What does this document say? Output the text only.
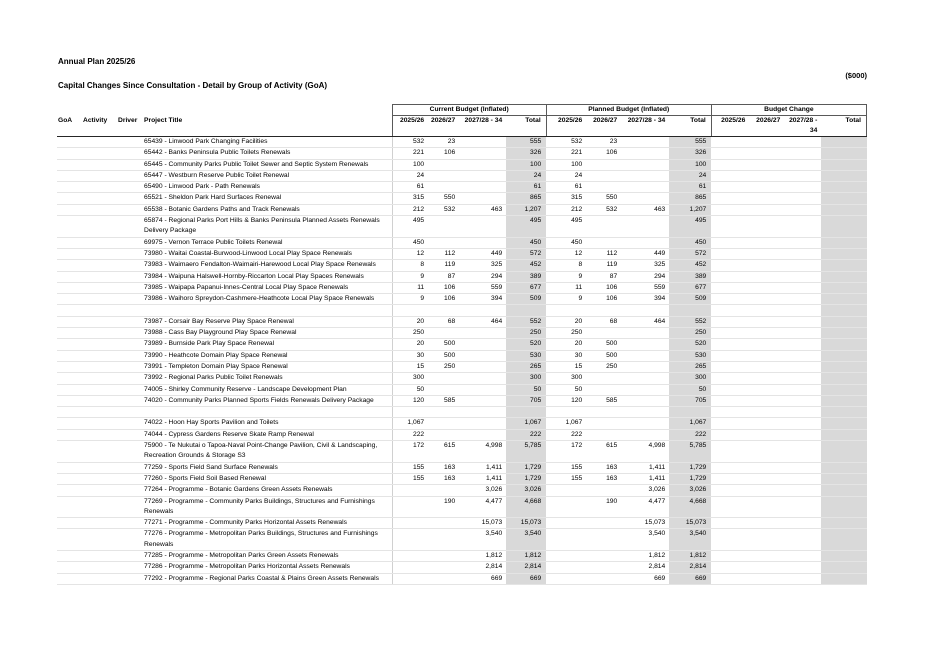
Annual Plan 2025/26
($000)
Capital Changes Since Consultation - Detail by Group of Activity (GoA)
				Current Budget (Inflated)				Planned Budget (Inflated)				Budget Change			
GoA	Activity	Driver	Project Title	2025/26	2026/27	2027/28 - 34	Total	2025/26	2026/27	2027/28 - 34	Total	2025/26	2026/27	2027/28 - 34	Total
			65439 - Linwood Park Changing Facilities	532	23		555	532	23		555				
			65442 - Banks Peninsula Public Toilets Renewals	221	106		326	221	106		326				
			65445 - Community Parks Public Toilet Sewer and Septic System Renewals	100			100	100			100				
			65447 - Westburn Reserve Public Toilet Renewal	24			24	24			24				
			65490 - Linwood Park - Path Renewals	61			61	61			61				
			65521 - Sheldon Park Hard Surfaces Renewal	315	550		865	315	550		865				
			65538 - Botanic Gardens Paths and Track Renewals	212	532	463	1,207	212	532	463	1,207				
			65874 - Regional Parks Port Hills & Banks Peninsula Planned Assets Renewals Delivery Package	495			495	495			495				
			69975 - Vernon Terrace Public Toilets Renewal	450			450	450			450				
			73980 - Waitai Coastal-Burwood-Linwood Local Play Space Renewals	12	112	449	572	12	112	449	572				
			73983 - Waimaero Fendalton-Waimairi-Harewood Local Play Space Renewals	8	119	325	452	8	119	325	452				
			73984 - Waipuna Halswell-Hornby-Riccarton Local Play Spaces Renewals	9	87	294	389	9	87	294	389				
			73985 - Waipapa Papanui-Innes-Central Local Play Space Renewals	11	106	559	677	11	106	559	677				
			73986 - Waihoro Spreydon-Cashmere-Heathcote Local Play Space Renewals	9	106	394	509	9	106	394	509				

			73987 - Corsair Bay Reserve Play Space Renewal	20	68	464	552	20	68	464	552				
			73988 - Cass Bay Playground Play Space Renewal	250			250	250			250				
			73989 - Burnside Park Play Space Renewal	20	500		520	20	500		520				
			73990 - Heathcote Domain Play Space Renewal	30	500		530	30	500		530				
			73991 - Templeton Domain Play Space Renewal	15	250		265	15	250		265				
			73992 - Regional Parks Public Toilet Renewals	300			300	300			300				
			74005 - Shirley Community Reserve - Landscape Development Plan	50			50	50			50				
			74020 - Community Parks Planned Sports Fields Renewals Delivery Package	120	585		705	120	585		705				

			74022 - Hoon Hay Sports Pavilion and Toilets	1,067			1,067	1,067			1,067				
			74044 - Cypress Gardens Reserve Skate Ramp Renewal	222			222	222			222				
			75900 - Te Nukutai o Tapoa-Naval Point-Change Pavilion, Civil & Landscaping, Recreation Grounds & Storage S3	172	615	4,998	5,785	172	615	4,998	5,785				
			77259 - Sports Field Sand Surface Renewals	155	163	1,411	1,729	155	163	1,411	1,729				
			77260 - Sports Field Soil Based Renewal	155	163	1,411	1,729	155	163	1,411	1,729				
			77264 - Programme - Botanic Gardens Green Assets Renewals			3,026	3,026			3,026	3,026				
			77269 - Programme - Community Parks Buildings, Structures and Furnishings Renewals		190	4,477	4,668		190	4,477	4,668				
			77271 - Programme - Community Parks Horizontal Assets Renewals			15,073	15,073			15,073	15,073				
			77276 - Programme - Metropolitan Parks Buildings, Structures and Furnishings Renewals			3,540	3,540			3,540	3,540				
			77285 - Programme - Metropolitan Parks Green Assets Renewals			1,812	1,812			1,812	1,812				
			77286 - Programme - Metropolitan Parks Horizontal Assets Renewals			2,814	2,814			2,814	2,814				
			77292 - Programme - Regional Parks Coastal & Plains Green Assets Renewals			669	669			669	669				
